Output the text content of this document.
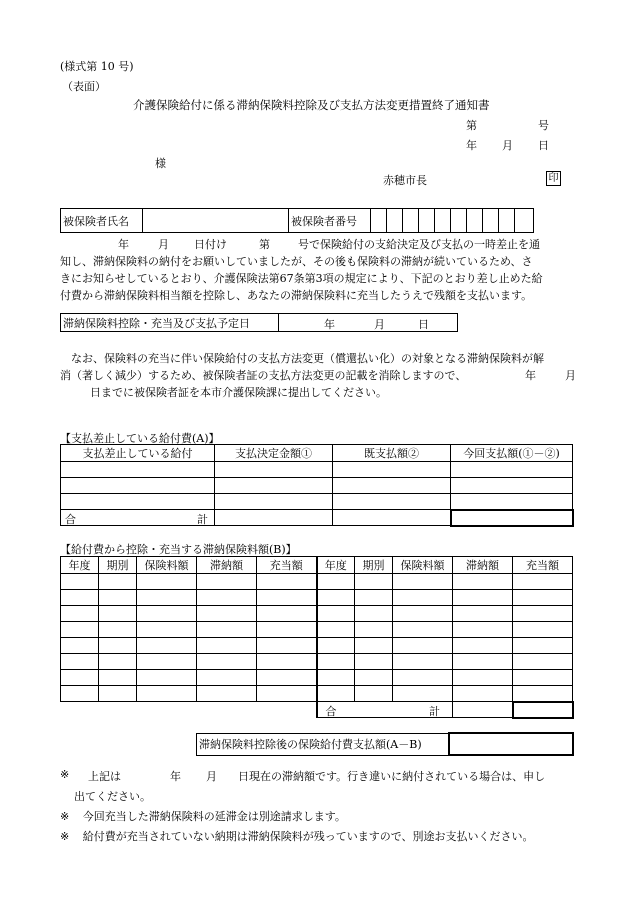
(様式第 10 号)
（表面）
介護保険給付に係る滞納保険料控除及び支払方法変更措置終了通知書
第	号
年 月 日
様
赤穂市長	印
被保険者氏名		被保険者番号										
年	月 日付け	第	号で保険給付の支給決定及び支払の一時差止を通
知し、滞納保険料の納付をお願いしていましたが、その後も保険料の滞納が続いているため、さ
きにお知らせしているとおり、介護保険法第67条第3項の規定により、下記のとおり差し止めた給
付費から滞納保険料相当額を控除し、あなたの滞納保険料に充当したうえで残額を支払います。
滞納保険料控除・充当及び支払予定日	年	月	日
なお、保険料の充当に伴い保険給付の支払方法変更（償還払い化）の対象となる滞納保険料が解
消（著しく減少）するため、被保険者証の支払方法変更の記載を消除しますので、	年	月
日までに被保険者証を本市介護保険課に提出してください。
【支払差止している給付費(A)】
支払差止している給付	支払決定金額①	既支払額②	今回支払額(①－②)

合 計			

【給付費から控除・充当する滞納保険料額(B)】
年度	期別	保険料額	滞納額	充当額	年度	期別	保険料額	滞納額	充当額

					合 計				

滞納保険料控除後の保険給付費支払額(A－B)	
※ 上記は	年 月 日現在の滞納額です。行き違いに納付されている場合は、申し
出てください。
※ 今回充当した滞納保険料の延滞金は別途請求します。
※ 給付費が充当されていない納期は滞納保険料が残っていますので、別途お支払いください。
